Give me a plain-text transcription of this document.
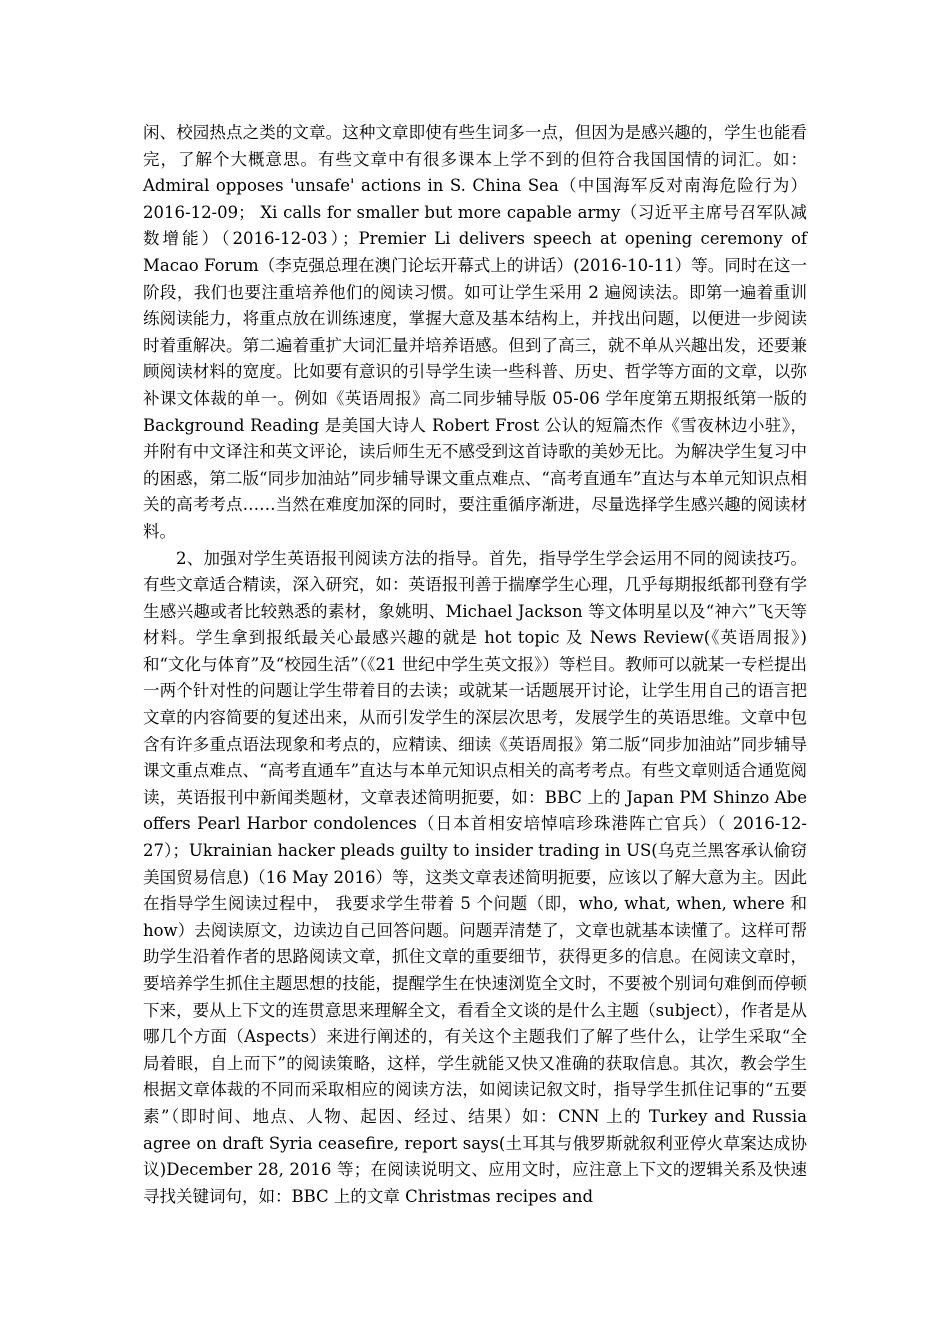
闲、校园热点之类的文章。这种文章即使有些生词多一点，但因为是感兴趣的，学生也能看完，了解个大概意思。有些文章中有很多课本上学不到的但符合我国国情的词汇。如：Admiral opposes 'unsafe' actions in S. China Sea（中国海军反对南海危险行为）2016-12-09； Xi calls for smaller but more capable army（习近平主席号召军队减数增能）（2016-12-03）；Premier Li delivers speech at opening ceremony of Macao Forum（李克强总理在澳门论坛开幕式上的讲话）(2016-10-11）等。同时在这一阶段，我们也要注重培养他们的阅读习惯。如可让学生采用 2 遍阅读法。即第一遍着重训练阅读能力，将重点放在训练速度，掌握大意及基本结构上，并找出问题，以便进一步阅读时着重解决。第二遍着重扩大词汇量并培养语感。但到了高三，就不单从兴趣出发，还要兼顾阅读材料的宽度。比如要有意识的引导学生读一些科普、历史、哲学等方面的文章，以弥补课文体裁的单一。例如《英语周报》高二同步辅导版 05-06 学年度第五期报纸第一版的 Background Reading 是美国大诗人 Robert Frost 公认的短篇杰作《雪夜林边小驻》，并附有中文译注和英文评论，读后师生无不感受到这首诗歌的美妙无比。为解决学生复习中的困惑，第二版“同步加油站”同步辅导课文重点难点、“高考直通车”直达与本单元知识点相关的高考考点……当然在难度加深的同时，要注重循序渐进，尽量选择学生感兴趣的阅读材料。

2、加强对学生英语报刊阅读方法的指导。首先，指导学生学会运用不同的阅读技巧。有些文章适合精读，深入研究，如：英语报刊善于揣摩学生心理，几乎每期报纸都刊登有学生感兴趣或者比较熟悉的素材，象姚明、Michael Jackson 等文体明星以及“神六”飞天等材料。学生拿到报纸最关心最感兴趣的就是 hot topic 及 News Review(《英语周报》)和“文化与体育”及“校园生活”（《21 世纪中学生英文报》）等栏目。教师可以就某一专栏提出一两个针对性的问题让学生带着目的去读；或就某一话题展开讨论，让学生用自己的语言把文章的内容简要的复述出来，从而引发学生的深层次思考，发展学生的英语思维。文章中包含有许多重点语法现象和考点的，应精读、细读《英语周报》第二版“同步加油站”同步辅导课文重点难点、“高考直通车”直达与本单元知识点相关的高考考点。有些文章则适合通览阅读，英语报刊中新闻类题材，文章表述简明扼要，如：BBC 上的 Japan PM Shinzo Abe offers Pearl Harbor condolences（日本首相安培悼唁珍珠港阵亡官兵）（ 2016-12-27）；Ukrainian hacker pleads guilty to insider trading in US(乌克兰黑客承认偷窃美国贸易信息)（16 May 2016）等，这类文章表述简明扼要，应该以了解大意为主。因此在指导学生阅读过程中， 我要求学生带着 5 个问题（即，who, what, when, where 和 how）去阅读原文，边读边自己回答问题。问题弄清楚了，文章也就基本读懂了。这样可帮助学生沿着作者的思路阅读文章，抓住文章的重要细节，获得更多的信息。在阅读文章时，要培养学生抓住主题思想的技能，提醒学生在快速浏览全文时，不要被个别词句难倒而停顿下来，要从上下文的连贯意思来理解全文，看看全文谈的是什么主题（subject），作者是从哪几个方面（Aspects）来进行阐述的，有关这个主题我们了解了些什么，让学生采取“全局着眼，自上而下”的阅读策略，这样，学生就能又快又准确的获取信息。其次，教会学生根据文章体裁的不同而采取相应的阅读方法，如阅读记叙文时，指导学生抓住记事的“五要素”（即时间、地点、人物、起因、经过、结果）如：CNN 上的 Turkey and Russia agree on draft Syria ceasefire, report says(土耳其与俄罗斯就叙利亚停火草案达成协议)December 28, 2016 等；在阅读说明文、应用文时，应注意上下文的逻辑关系及快速寻找关键词句，如：BBC 上的文章 Christmas recipes and
